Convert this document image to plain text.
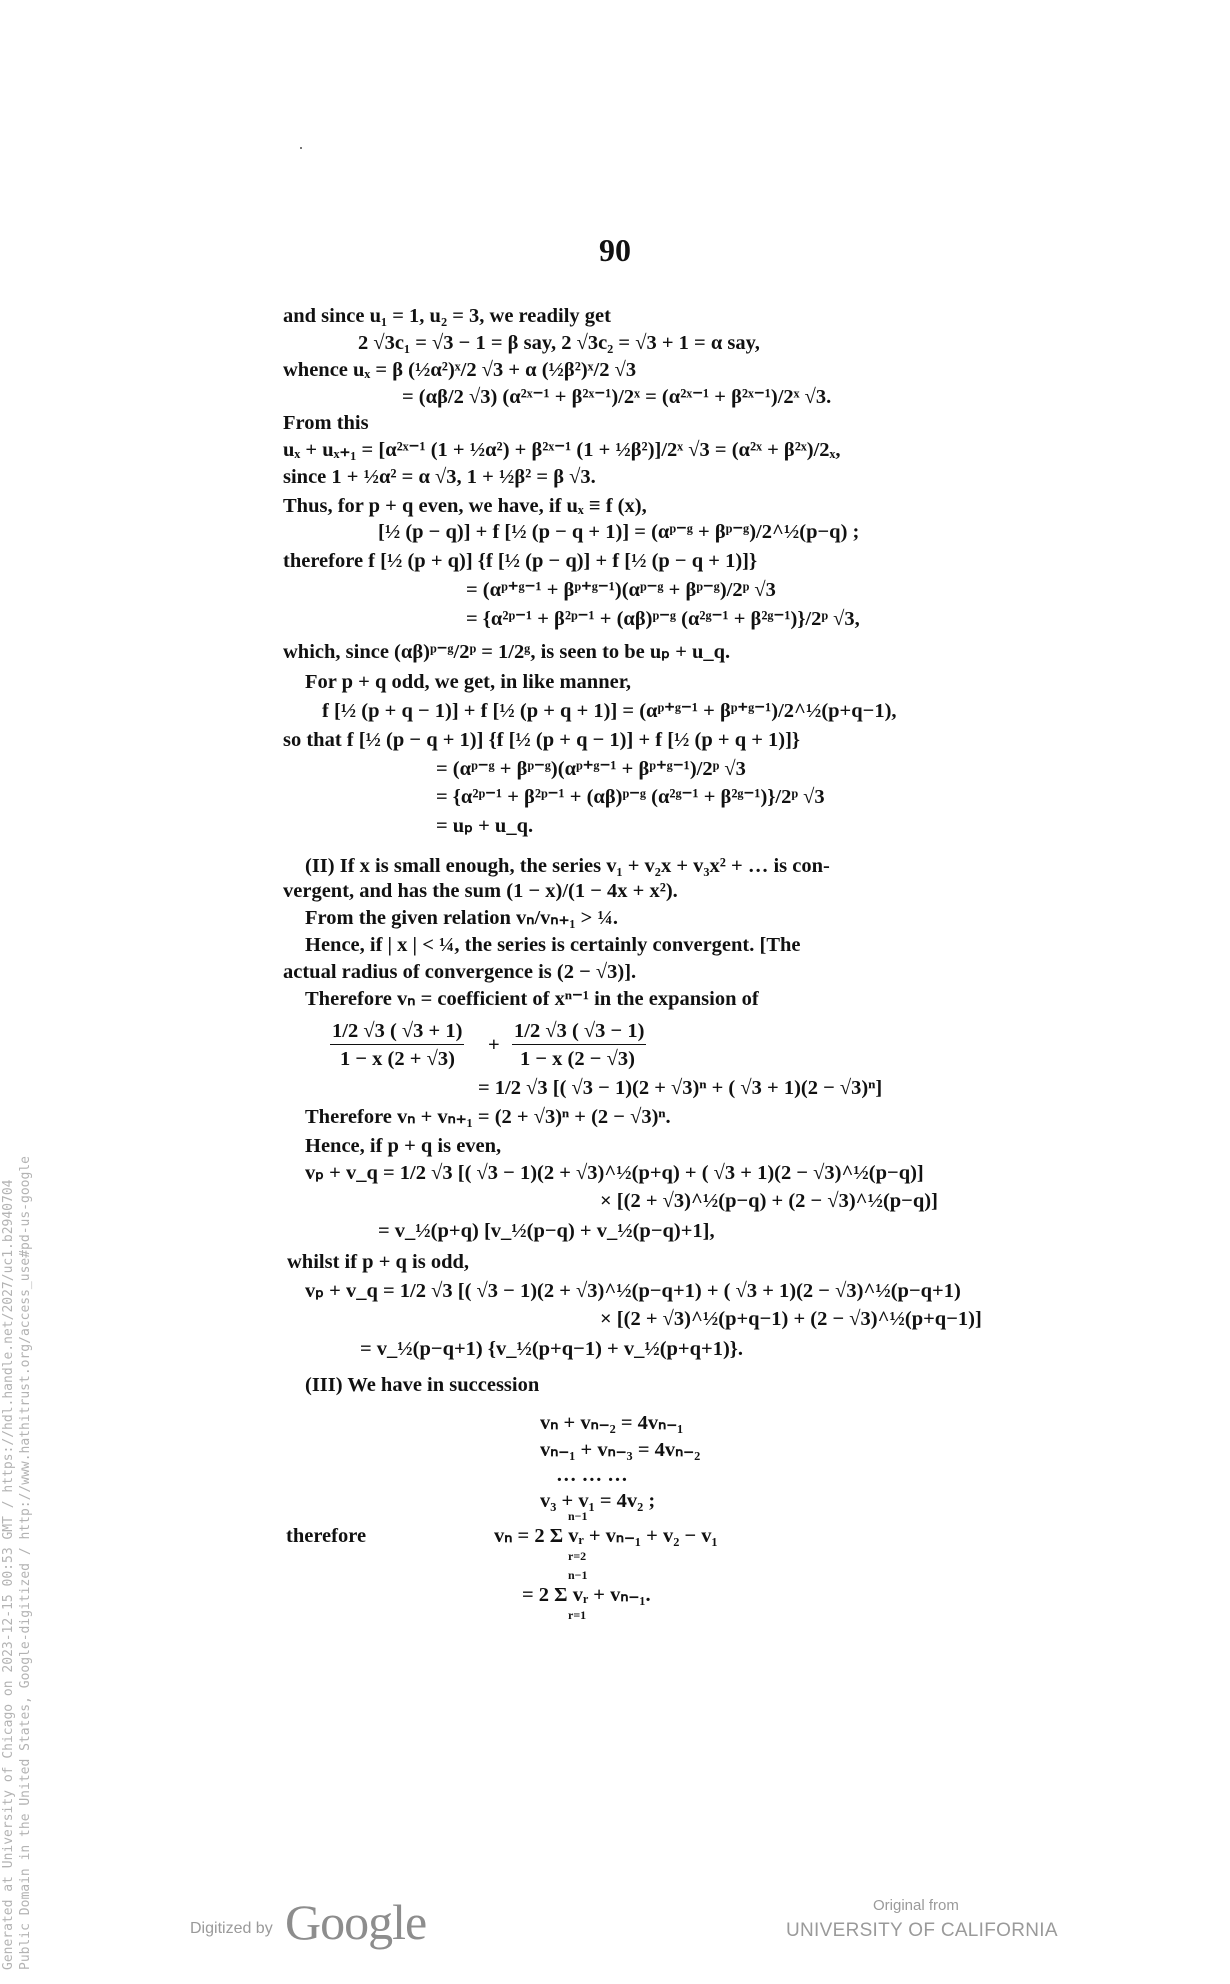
90
and since u₁ = 1, u₂ = 3, we readily get
2 √3c₁ = √3 − 1 = β say, 2 √3c₂ = √3 + 1 = α say,
whence uₓ = β (½α²)ˣ/2 √3 + α (½β²)ˣ/2 √3
= (αβ/2 √3) (α²ˣ⁻¹ + β²ˣ⁻¹)/2ˣ = (α²ˣ⁻¹ + β²ˣ⁻¹)/2ˣ √3.
From this
uₓ + uₓ₊₁ = [α²ˣ⁻¹ (1 + ½α²) + β²ˣ⁻¹ (1 + ½β²)]/2ˣ √3 = (α²ˣ + β²ˣ)/2ₓ,
since 1 + ½α² = α √3, 1 + ½β² = β √3.
Thus, for p + q even, we have, if uₓ ≡ f (x),
[½ (p − q)] + f [½ (p − q + 1)] = (αᵖ⁻ᵍ + βᵖ⁻ᵍ)/2^½(p−q) ;
therefore f [½ (p + q)] {f [½ (p − q)] + f [½ (p − q + 1)]}
= (αᵖ⁺ᵍ⁻¹ + βᵖ⁺ᵍ⁻¹)(αᵖ⁻ᵍ + βᵖ⁻ᵍ)/2ᵖ √3
= {α²ᵖ⁻¹ + β²ᵖ⁻¹ + (αβ)ᵖ⁻ᵍ (α²ᵍ⁻¹ + β²ᵍ⁻¹)}/2ᵖ √3,
which, since (αβ)ᵖ⁻ᵍ/2ᵖ = 1/2ᵍ, is seen to be uₚ + u_q.
For p + q odd, we get, in like manner,
f [½ (p + q − 1)] + f [½ (p + q + 1)] = (αᵖ⁺ᵍ⁻¹ + βᵖ⁺ᵍ⁻¹)/2^½(p+q−1),
so that f [½ (p − q + 1)] {f [½ (p + q − 1)] + f [½ (p + q + 1)]}
= (αᵖ⁻ᵍ + βᵖ⁻ᵍ)(αᵖ⁺ᵍ⁻¹ + βᵖ⁺ᵍ⁻¹)/2ᵖ √3
= {α²ᵖ⁻¹ + β²ᵖ⁻¹ + (αβ)ᵖ⁻ᵍ (α²ᵍ⁻¹ + β²ᵍ⁻¹)}/2ᵖ √3
= uₚ + u_q.
(II) If x is small enough, the series v₁ + v₂x + v₃x² + … is con-
vergent, and has the sum (1 − x)/(1 − 4x + x²).
From the given relation vₙ/vₙ₊₁ > ¼.
Hence, if | x | < ¼, the series is certainly convergent. [The
actual radius of convergence is (2 − √3)].
Therefore vₙ = coefficient of xⁿ⁻¹ in the expansion of
1/2 √3 ( √3 + 1)
1 − x (2 + √3)
+
1/2 √3 ( √3 − 1)
1 − x (2 − √3)
= 1/2 √3 [( √3 − 1)(2 + √3)ⁿ + ( √3 + 1)(2 − √3)ⁿ]
Therefore vₙ + vₙ₊₁ = (2 + √3)ⁿ + (2 − √3)ⁿ.
Hence, if p + q is even,
vₚ + v_q = 1/2 √3 [( √3 − 1)(2 + √3)^½(p+q) + ( √3 + 1)(2 − √3)^½(p−q)]
× [(2 + √3)^½(p−q) + (2 − √3)^½(p−q)]
= v_½(p+q) [v_½(p−q) + v_½(p−q)+1],
whilst if p + q is odd,
vₚ + v_q = 1/2 √3 [( √3 − 1)(2 + √3)^½(p−q+1) + ( √3 + 1)(2 − √3)^½(p−q+1)
× [(2 + √3)^½(p+q−1) + (2 − √3)^½(p+q−1)]
= v_½(p−q+1) {v_½(p+q−1) + v_½(p+q+1)}.
(III) We have in succession
vₙ + vₙ₋₂ = 4vₙ₋₁
vₙ₋₁ + vₙ₋₃ = 4vₙ₋₂
… … …
v₃ + v₁ = 4v₂ ;
n−1
therefore	vₙ = 2 Σ vᵣ + vₙ₋₁ + v₂ − v₁
r=2
n−1
= 2 Σ vᵣ + vₙ₋₁.
r=1
Generated at University of Chicago on 2023-12-15 00:53 GMT / https://hdl.handle.net/2027/uc1.b2940704 Public Domain in the United States, Google-digitized / http://www.hathitrust.org/access_use#pd-us-google	Digitized by Google	Original from
UNIVERSITY OF CALIFORNIA
